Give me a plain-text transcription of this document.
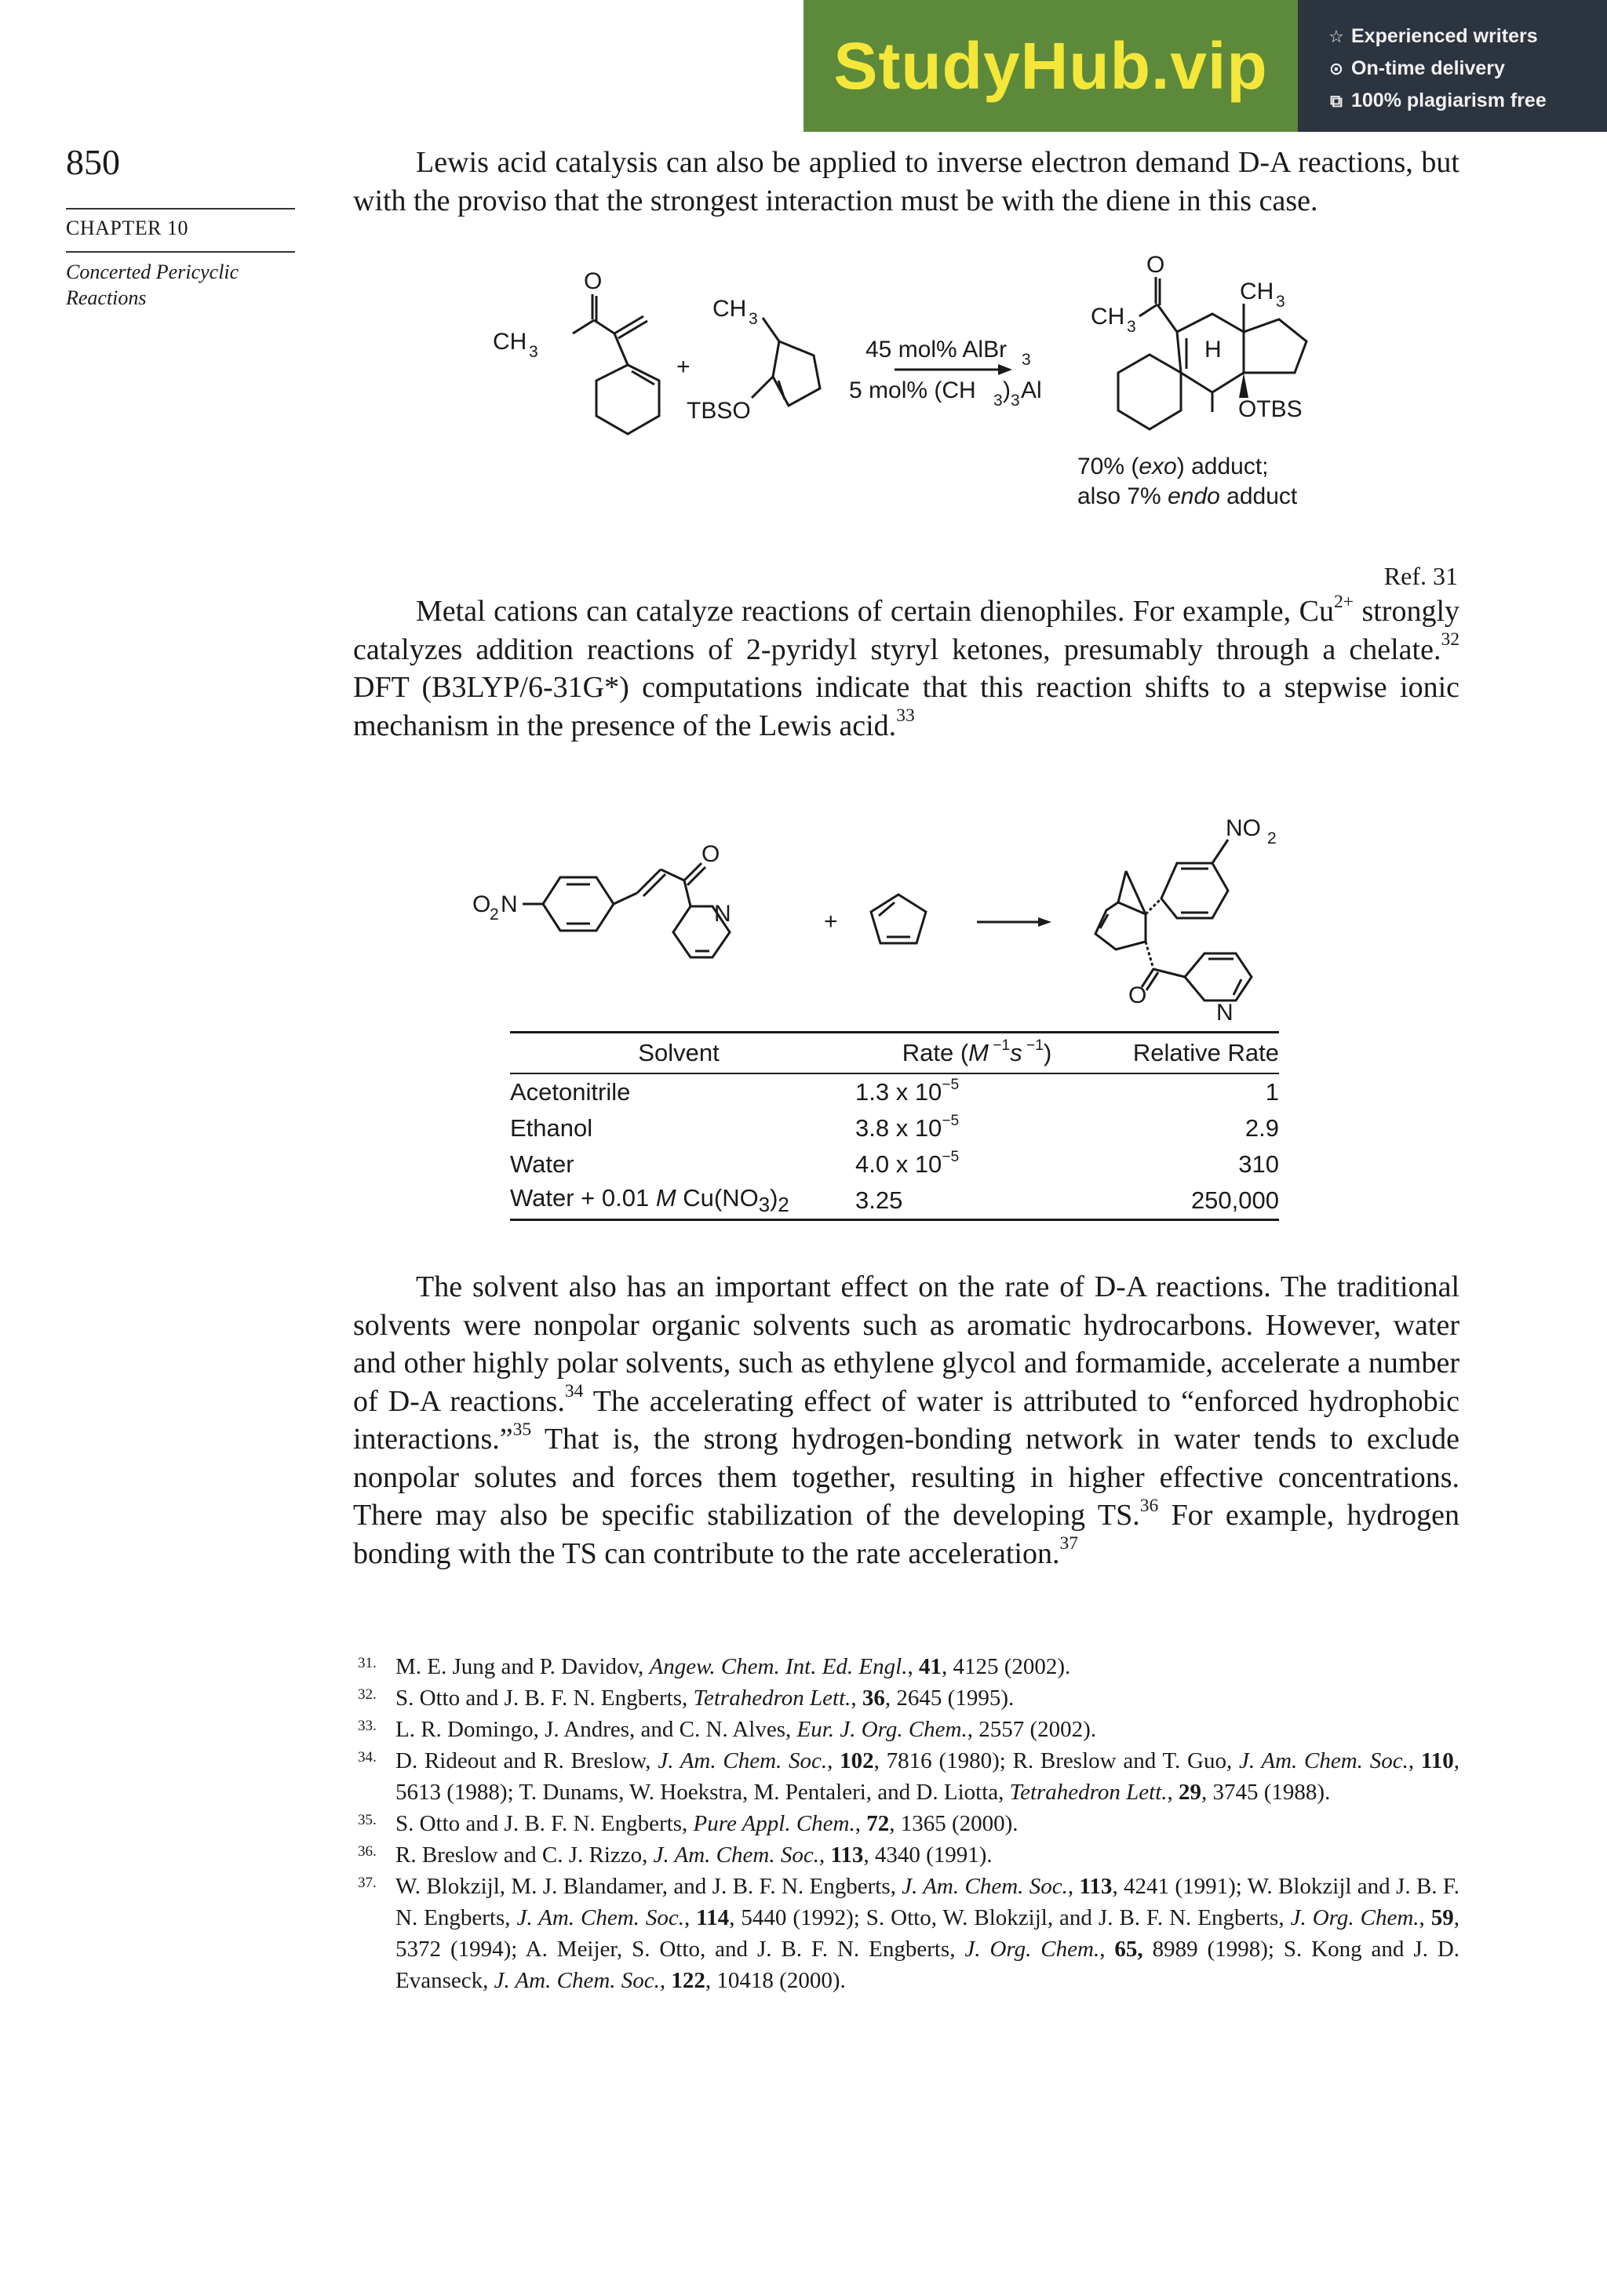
StudyHub.vip	☆ Experienced writers
⊙ On-time delivery
⧉ 100% plagiarism free
850
CHAPTER 10
Concerted Pericyclic Reactions
Lewis acid catalysis can also be applied to inverse electron demand D-A reactions, but with the proviso that the strongest interaction must be with the diene in this case.
O
CH 3
+
CH 3
TBSO
45 mol% AlBr 3
5 mol% (CH 3 ) 3 Al
O
CH 3
CH 3
H
OTBS
70% (exo) adduct;
also 7% endo adduct
Ref. 31
Metal cations can catalyze reactions of certain dienophiles. For example, $Cu^{2+}$ strongly catalyzes addition reactions of 2-pyridyl styryl ketones, presumably through a chelate.$^{32}$ DFT (B3LYP/6-31G*) computations indicate that this reaction shifts to a stepwise ionic mechanism in the presence of the Lewis acid.$^{33}$
O
2 N
O
N	+
NO 2
O
N
Solvent	Rate (M $^{-1}$s $^{-1}$)	Relative Rate
Acetonitrile	1.3 x $10^{-5}$	1
Ethanol	3.8 x $10^{-5}$	2.9
Water	4.0 x $10^{-5}$	310
Water + 0.01 M $Cu(NO_3)_2$	3.25	250,000
The solvent also has an important effect on the rate of D-A reactions. The traditional solvents were nonpolar organic solvents such as aromatic hydrocarbons. However, water and other highly polar solvents, such as ethylene glycol and formamide, accelerate a number of D-A reactions.$^{34}$ The accelerating effect of water is attributed to “enforced hydrophobic interactions.”$^{35}$ That is, the strong hydrogen-bonding network in water tends to exclude nonpolar solutes and forces them together, resulting in higher effective concentrations. There may also be specific stabilization of the developing TS.$^{36}$ For example, hydrogen bonding with the TS can contribute to the rate acceleration.$^{37}$
31. M. E. Jung and P. Davidov, Angew. Chem. Int. Ed. Engl., 41, 4125 (2002).
32. S. Otto and J. B. F. N. Engberts, Tetrahedron Lett., 36, 2645 (1995).
33. L. R. Domingo, J. Andres, and C. N. Alves, Eur. J. Org. Chem., 2557 (2002).
34. D. Rideout and R. Breslow, J. Am. Chem. Soc., 102, 7816 (1980); R. Breslow and T. Guo, J. Am. Chem. Soc., 110, 5613 (1988); T. Dunams, W. Hoekstra, M. Pentaleri, and D. Liotta, Tetrahedron Lett., 29, 3745 (1988).
35. S. Otto and J. B. F. N. Engberts, Pure Appl. Chem., 72, 1365 (2000).
36. R. Breslow and C. J. Rizzo, J. Am. Chem. Soc., 113, 4340 (1991).
37. W. Blokzijl, M. J. Blandamer, and J. B. F. N. Engberts, J. Am. Chem. Soc., 113, 4241 (1991); W. Blokzijl and J. B. F. N. Engberts, J. Am. Chem. Soc., 114, 5440 (1992); S. Otto, W. Blokzijl, and J. B. F. N. Engberts, J. Org. Chem., 59, 5372 (1994); A. Meijer, S. Otto, and J. B. F. N. Engberts, J. Org. Chem., 65, 8989 (1998); S. Kong and J. D. Evanseck, J. Am. Chem. Soc., 122, 10418 (2000).
